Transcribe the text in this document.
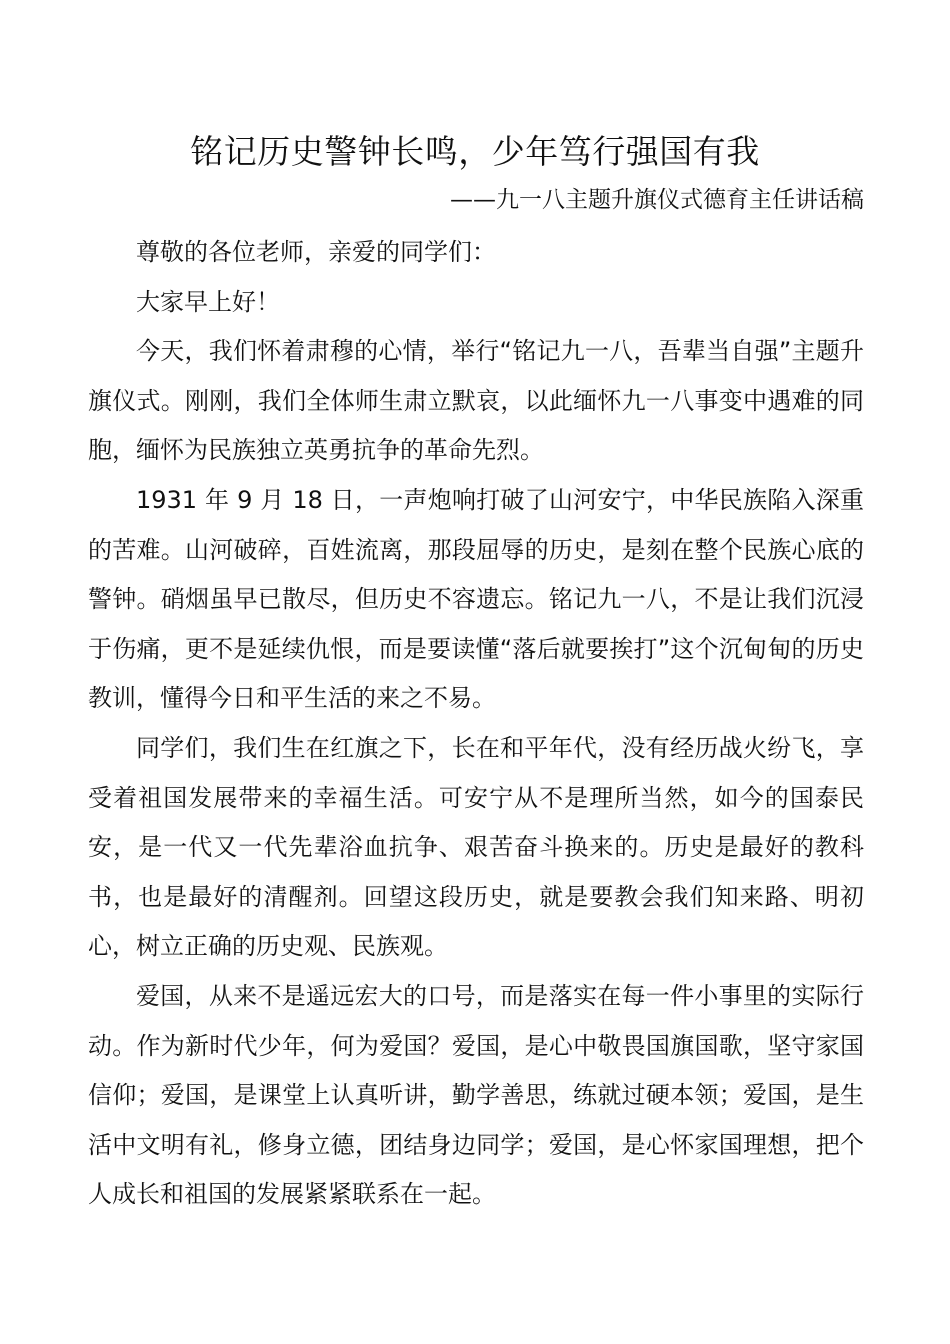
铭记历史警钟长鸣，少年笃行强国有我
——九一八主题升旗仪式德育主任讲话稿

尊敬的各位老师，亲爱的同学们：

大家早上好！

今天，我们怀着肃穆的心情，举行“铭记九一八，吾辈当自强”主题升旗仪式。刚刚，我们全体师生肃立默哀，以此缅怀九一八事变中遇难的同胞，缅怀为民族独立英勇抗争的革命先烈。

1931 年 9 月 18 日，一声炮响打破了山河安宁，中华民族陷入深重的苦难。山河破碎，百姓流离，那段屈辱的历史，是刻在整个民族心底的警钟。硝烟虽早已散尽，但历史不容遗忘。铭记九一八，不是让我们沉浸于伤痛，更不是延续仇恨，而是要读懂“落后就要挨打”这个沉甸甸的历史教训，懂得今日和平生活的来之不易。

同学们，我们生在红旗之下，长在和平年代，没有经历战火纷飞，享受着祖国发展带来的幸福生活。可安宁从不是理所当然，如今的国泰民安，是一代又一代先辈浴血抗争、艰苦奋斗换来的。历史是最好的教科书，也是最好的清醒剂。回望这段历史，就是要教会我们知来路、明初心，树立正确的历史观、民族观。

爱国，从来不是遥远宏大的口号，而是落实在每一件小事里的实际行动。作为新时代少年，何为爱国？爱国，是心中敬畏国旗国歌，坚守家国信仰；爱国，是课堂上认真听讲，勤学善思，练就过硬本领；爱国，是生活中文明有礼，修身立德，团结身边同学；爱国，是心怀家国理想，把个人成长和祖国的发展紧紧联系在一起。
